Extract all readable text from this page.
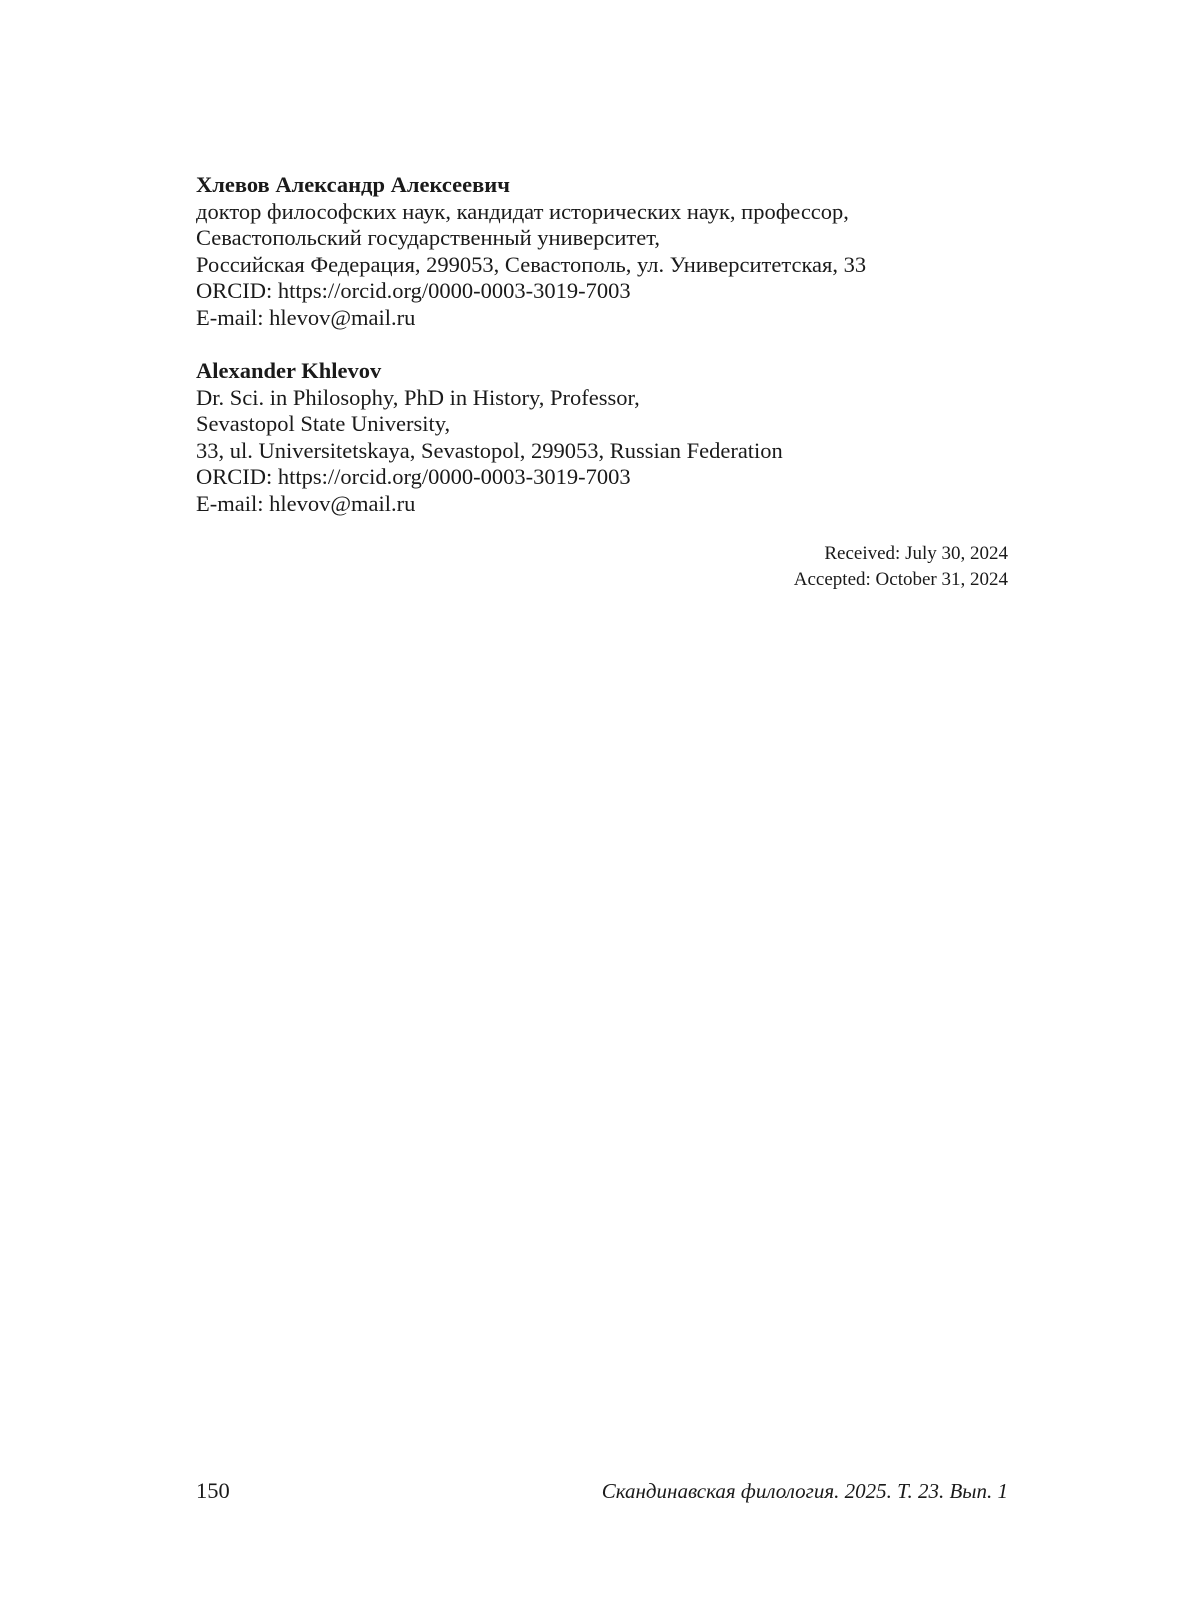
Хлевов Александр Алексеевич
доктор философских наук, кандидат исторических наук, профессор,
Севастопольский государственный университет,
Российская Федерация, 299053, Севастополь, ул. Университетская, 33
ORCID: https://orcid.org/0000-0003-3019-7003
E-mail: hlevov@mail.ru
Alexander Khlevov
Dr. Sci. in Philosophy, PhD in History, Professor,
Sevastopol State University,
33, ul. Universitetskaya, Sevastopol, 299053, Russian Federation
ORCID: https://orcid.org/0000-0003-3019-7003
E-mail: hlevov@mail.ru
Received: July 30, 2024
Accepted: October 31, 2024
150	Скандинавская филология. 2025. Т. 23. Вып. 1
